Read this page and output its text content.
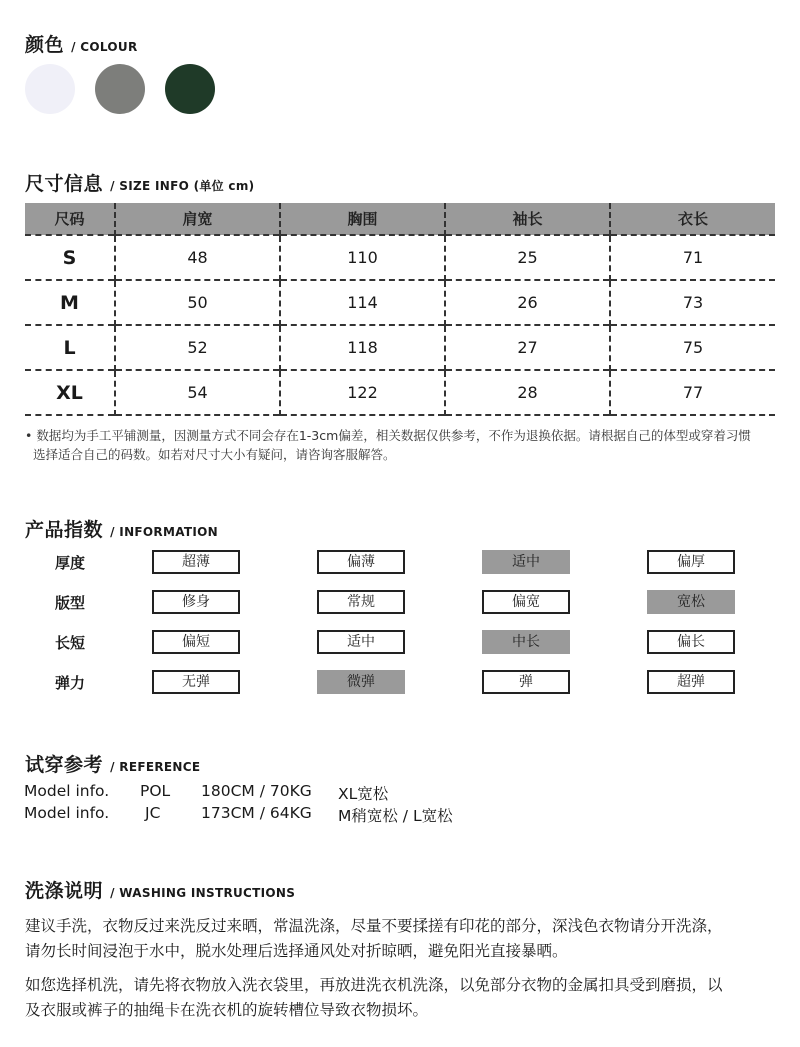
颜色 / COLOUR
尺寸信息 / SIZE INFO (单位 cm)
尺码	肩宽	胸围	袖长	衣长
S	48	110	25	71
M	50	114	26	73
L	52	118	27	75
XL	54	122	28	77
• 数据均为手工平铺测量，因测量方式不同会存在1-3cm偏差，相关数据仅供参考，不作为退换依据。请根据自己的体型或穿着习惯
选择适合自己的码数。如若对尺寸大小有疑问，请咨询客服解答。
产品指数 / INFORMATION
厚度	超薄	偏薄	适中	偏厚
版型	修身	常规	偏宽	宽松
长短	偏短	适中	中长	偏长
弹力	无弹	微弹	弹	超弹
试穿参考 / REFERENCE
Model info. POL 180CM / 70KG XL宽松
Model info. JC	173CM / 64KG M稍宽松 / L宽松
洗涤说明 / WASHING INSTRUCTIONS
建议手洗，衣物反过来洗反过来晒，常温洗涤，尽量不要揉搓有印花的部分，深浅色衣物请分开洗涤，
请勿长时间浸泡于水中，脱水处理后选择通风处对折晾晒，避免阳光直接暴晒。
如您选择机洗，请先将衣物放入洗衣袋里，再放进洗衣机洗涤，以免部分衣物的金属扣具受到磨损，以
及衣服或裤子的抽绳卡在洗衣机的旋转槽位导致衣物损坏。
